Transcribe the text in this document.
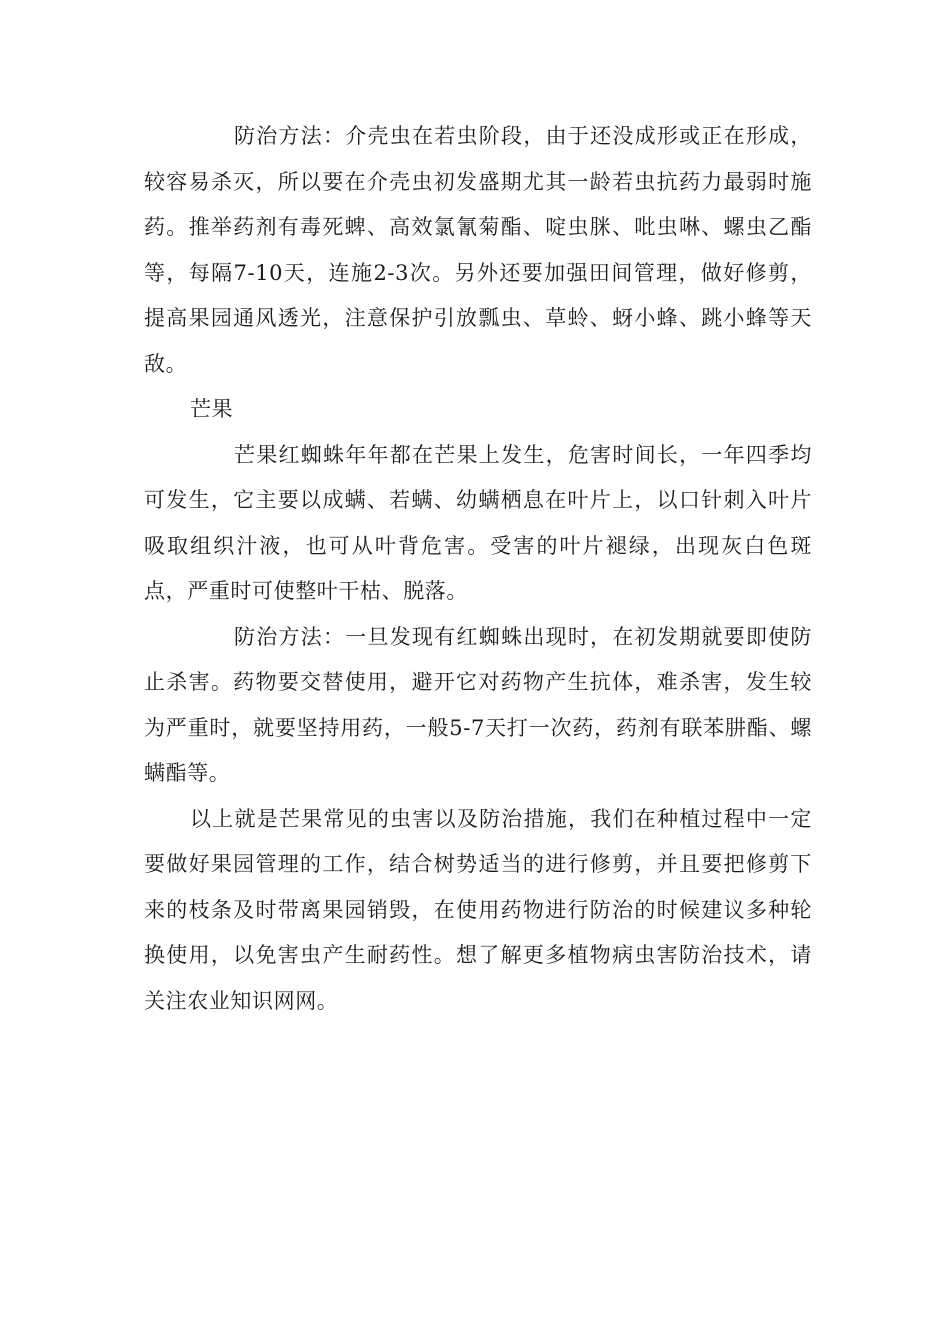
防治方法：介壳虫在若虫阶段，由于还没成形或正在形成，较容易杀灭，所以要在介壳虫初发盛期尤其一龄若虫抗药力最弱时施药。推举药剂有毒死蜱、高效氯氰菊酯、啶虫脒、吡虫啉、螺虫乙酯等，每隔7-10天，连施2-3次。另外还要加强田间管理，做好修剪，提高果园通风透光，注意保护引放瓢虫、草蛉、蚜小蜂、跳小蜂等天敌。

芒果

芒果红蜘蛛年年都在芒果上发生，危害时间长，一年四季均可发生，它主要以成螨、若螨、幼螨栖息在叶片上，以口针刺入叶片吸取组织汁液，也可从叶背危害。受害的叶片褪绿，出现灰白色斑点，严重时可使整叶干枯、脱落。

防治方法：一旦发现有红蜘蛛出现时，在初发期就要即使防止杀害。药物要交替使用，避开它对药物产生抗体，难杀害，发生较为严重时，就要坚持用药，一般5-7天打一次药，药剂有联苯肼酯、螺螨酯等。

以上就是芒果常见的虫害以及防治措施，我们在种植过程中一定要做好果园管理的工作，结合树势适当的进行修剪，并且要把修剪下来的枝条及时带离果园销毁，在使用药物进行防治的时候建议多种轮换使用，以免害虫产生耐药性。想了解更多植物病虫害防治技术，请关注农业知识网网。
